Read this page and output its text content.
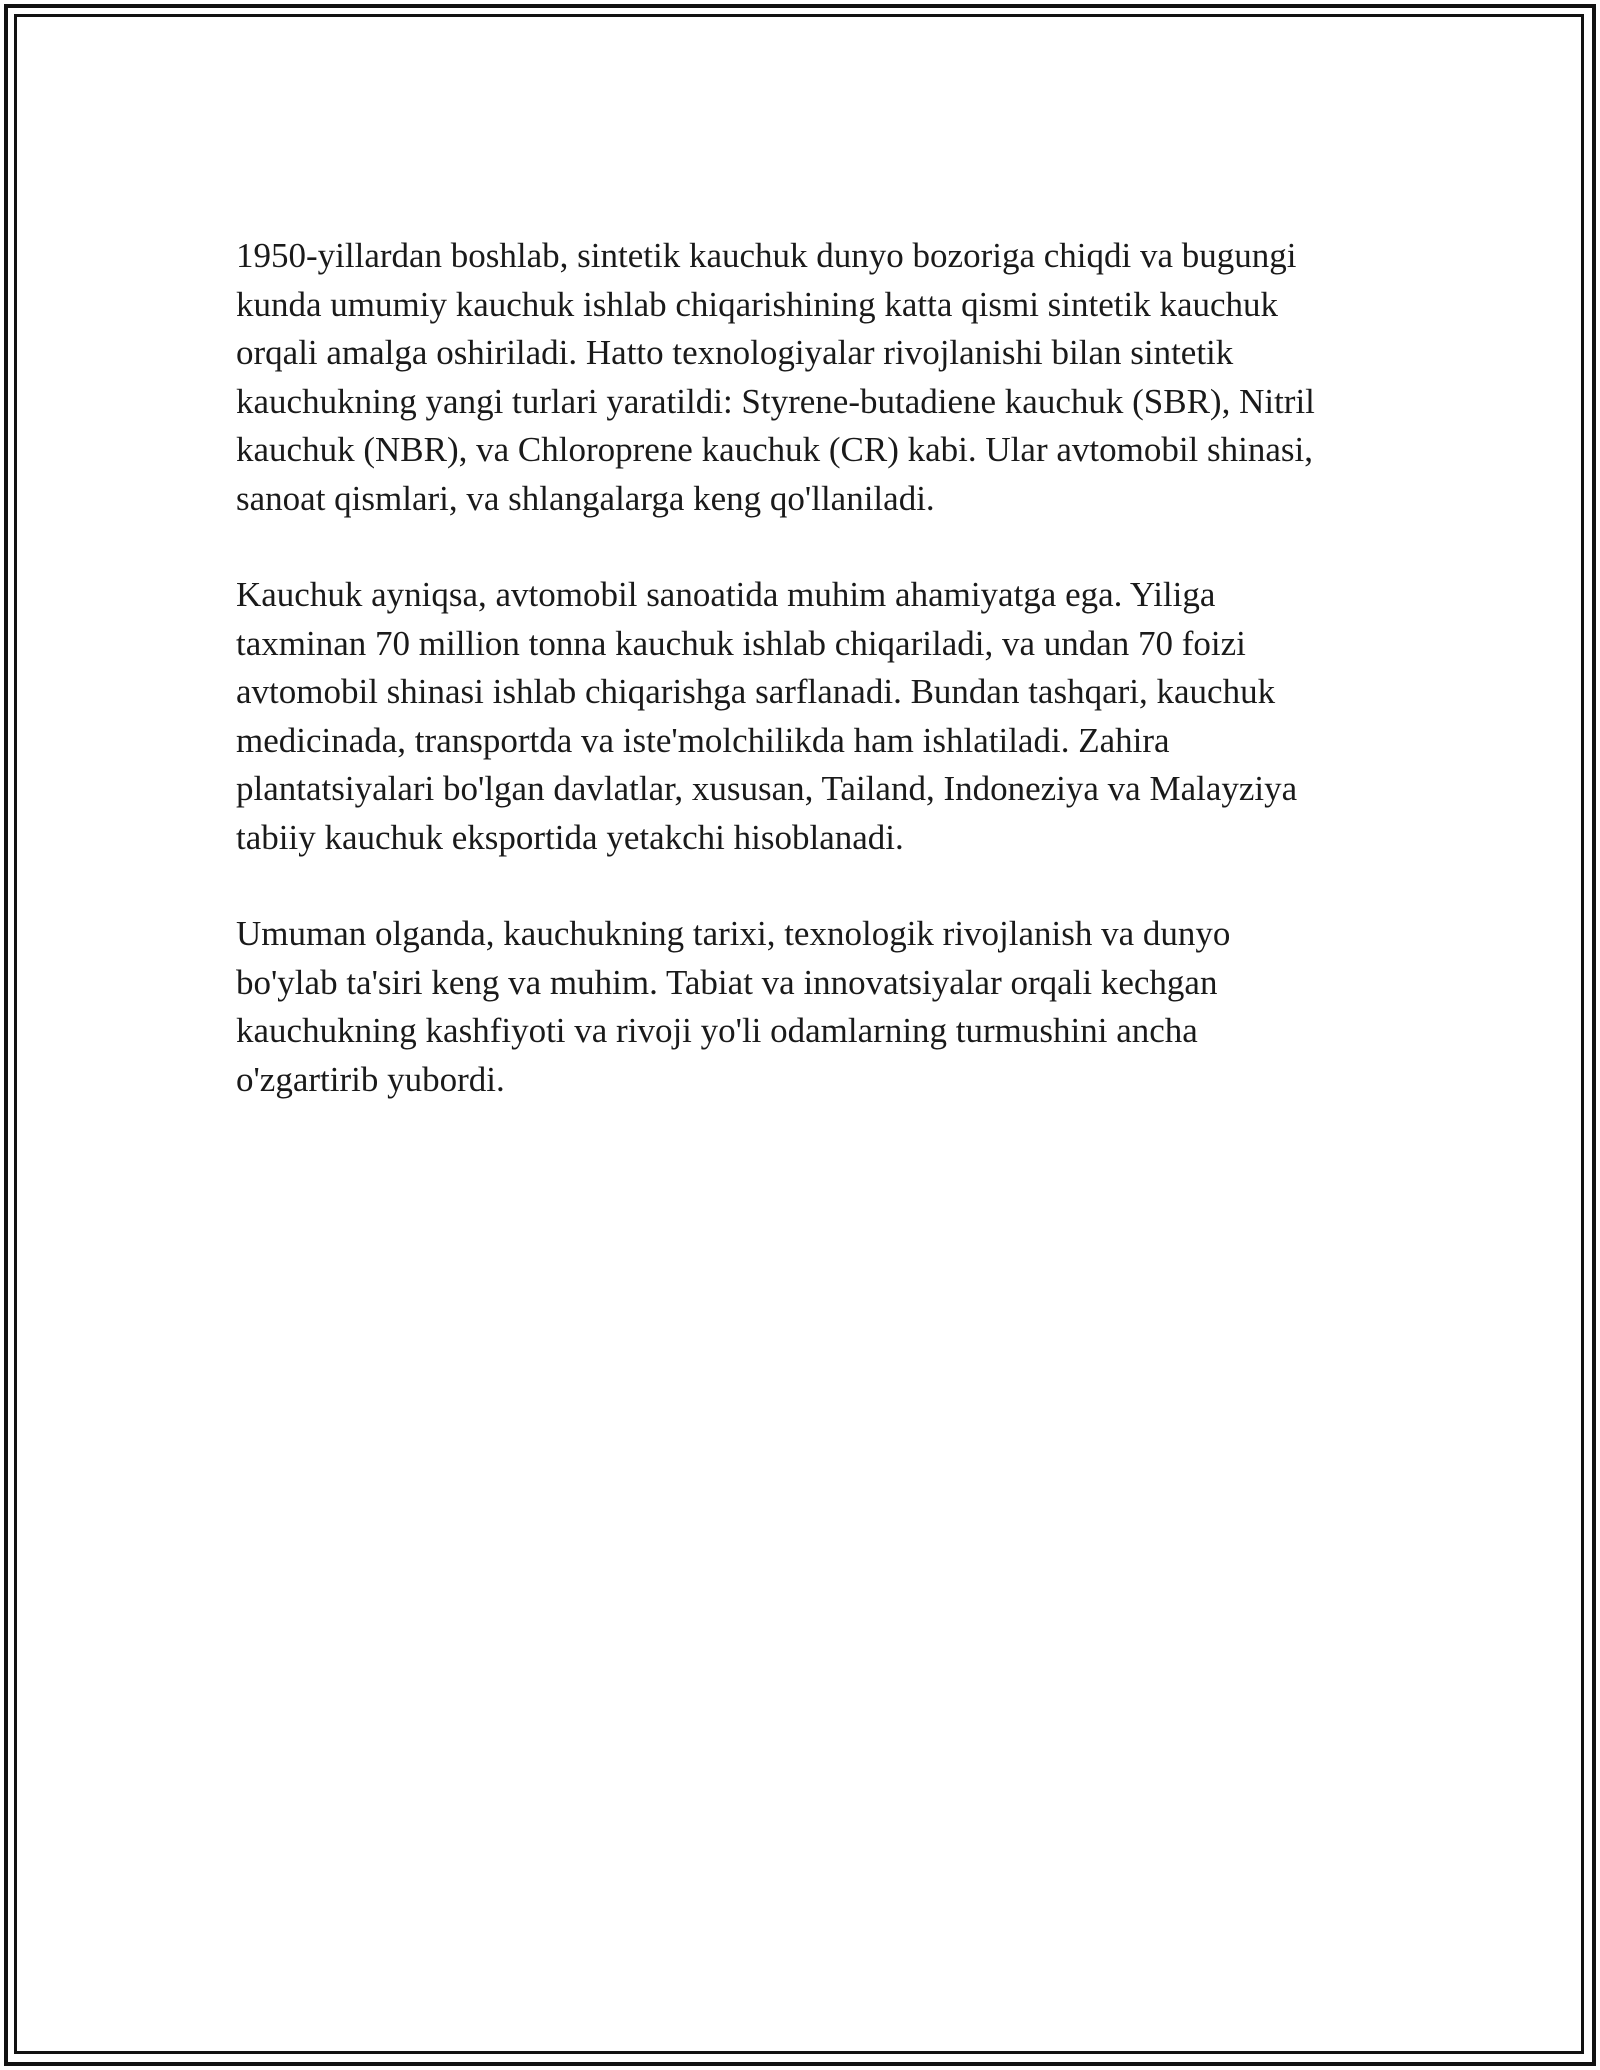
1950-yillardan boshlab, sintetik kauchuk dunyo bozoriga chiqdi va bugungi
kunda umumiy kauchuk ishlab chiqarishining katta qismi sintetik kauchuk
orqali amalga oshiriladi. Hatto texnologiyalar rivojlanishi bilan sintetik
kauchukning yangi turlari yaratildi: Styrene-butadiene kauchuk (SBR), Nitril
kauchuk (NBR), va Chloroprene kauchuk (CR) kabi. Ular avtomobil shinasi,
sanoat qismlari, va shlangalarga keng qo'llaniladi.

Kauchuk ayniqsa, avtomobil sanoatida muhim ahamiyatga ega. Yiliga
taxminan 70 million tonna kauchuk ishlab chiqariladi, va undan 70 foizi
avtomobil shinasi ishlab chiqarishga sarflanadi. Bundan tashqari, kauchuk
medicinada, transportda va iste'molchilikda ham ishlatiladi. Zahira
plantatsiyalari bo'lgan davlatlar, xususan, Tailand, Indoneziya va Malayziya
tabiiy kauchuk eksportida yetakchi hisoblanadi.

Umuman olganda, kauchukning tarixi, texnologik rivojlanish va dunyo
bo'ylab ta'siri keng va muhim. Tabiat va innovatsiyalar orqali kechgan
kauchukning kashfiyoti va rivoji yo'li odamlarning turmushini ancha
o'zgartirib yubordi.
